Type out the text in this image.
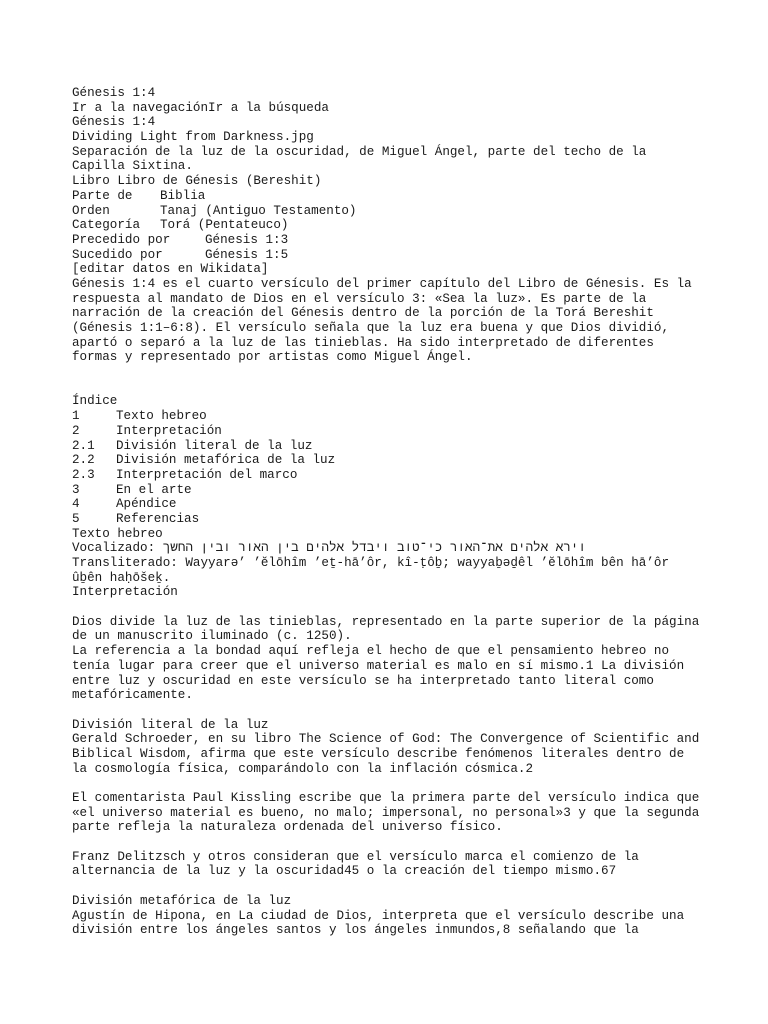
Génesis 1:4
Ir a la navegaciónIr a la búsqueda
Génesis 1:4
Dividing Light from Darkness.jpg
Separación de la luz de la oscuridad, de Miguel Ángel, parte del techo de la
Capilla Sixtina.
Libro Libro de Génesis (Bereshit)
Parte de	Biblia
Orden	Tanaj (Antiguo Testamento)
Categoría	Torá (Pentateuco)
Precedido por	Génesis 1:3
Sucedido por	Génesis 1:5
[editar datos en Wikidata]
Génesis 1:4 es el cuarto versículo del primer capítulo del Libro de Génesis. Es la
respuesta al mandato de Dios en el versículo 3: «Sea la luz». Es parte de la
narración de la creación del Génesis dentro de la porción de la Torá Bereshit
(Génesis 1:1–6:8). El versículo señala que la luz era buena y que Dios dividió,
apartó o separó a la luz de las tinieblas. Ha sido interpretado de diferentes
formas y representado por artistas como Miguel Ángel.
Índice
1	Texto hebreo
2	Interpretación
2.1	División literal de la luz
2.2	División metafórica de la luz
2.3	Interpretación del marco
3	En el arte
4	Apéndice
5	Referencias
Texto hebreo
Vocalizado: וירא אלהים את־האור כי־טוב ויבדל אלהים בין האור ובין החשך
Transliterado: Wayyarə’ ’ĕlōhîm ’eṯ-hā’ôr, kî-ṭôḇ; wayyaḇəḏêl ’ĕlōhîm bên hā’ôr
ûḇên haḥōšeḵ.
Interpretación
Dios divide la luz de las tinieblas, representado en la parte superior de la página
de un manuscrito iluminado (c. 1250).
La referencia a la bondad aquí refleja el hecho de que el pensamiento hebreo no
tenía lugar para creer que el universo material es malo en sí mismo.1 La división
entre luz y oscuridad en este versículo se ha interpretado tanto literal como
metafóricamente.
División literal de la luz
Gerald Schroeder, en su libro The Science of God: The Convergence of Scientific and
Biblical Wisdom, afirma que este versículo describe fenómenos literales dentro de
la cosmología física, comparándolo con la inflación cósmica.2
El comentarista Paul Kissling escribe que la primera parte del versículo indica que
«el universo material es bueno, no malo; impersonal, no personal»3 y que la segunda
parte refleja la naturaleza ordenada del universo físico.
Franz Delitzsch y otros consideran que el versículo marca el comienzo de la
alternancia de la luz y la oscuridad45 o la creación del tiempo mismo.67
División metafórica de la luz
Agustín de Hipona, en La ciudad de Dios, interpreta que el versículo describe una
división entre los ángeles santos y los ángeles inmundos,8 señalando que la
